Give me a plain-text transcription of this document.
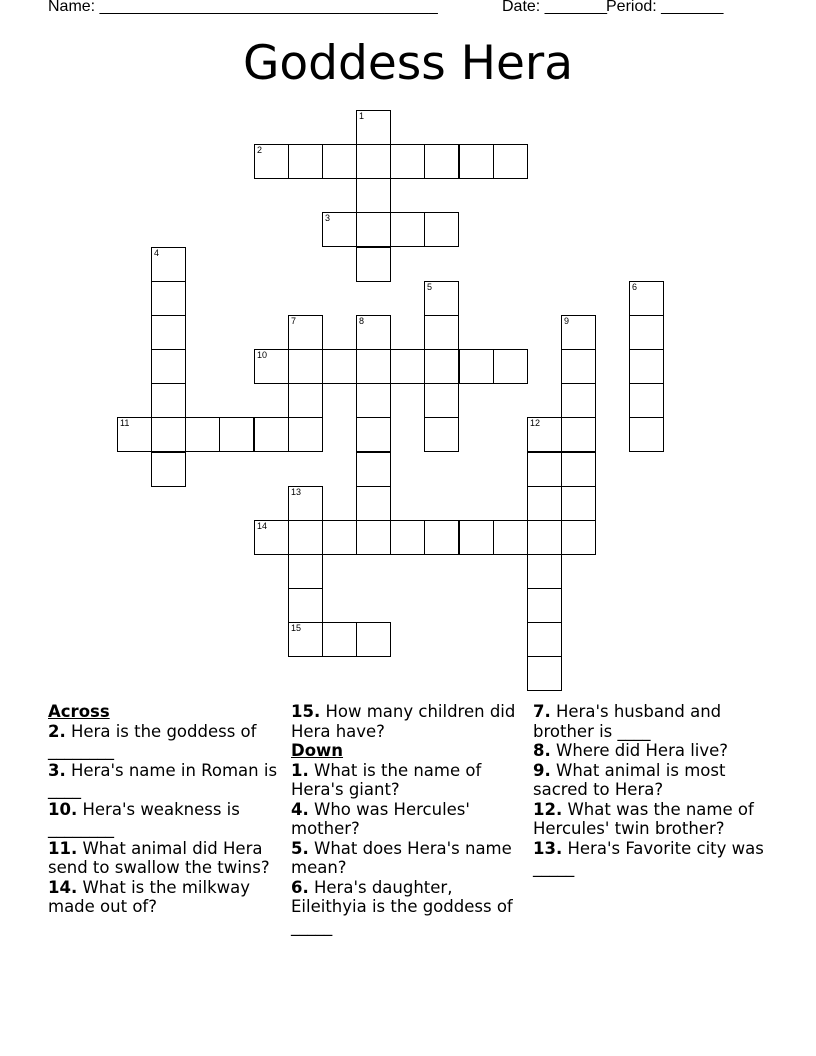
Name: ______________________________________	Date: _______ Period: _______
Goddess Hera
1
2
3
4
5	6
7	8	9
10
11	12
13
15
14
Across

2. Hera is the goddess of ________

3. Hera's name in Roman is ____

10. Hera's weakness is ________

11. What animal did Hera send to swallow the twins?

14. What is the milkway made out of?

15. How many children did Hera have?

Down

1. What is the name of Hera's giant?

4. Who was Hercules' mother?

5. What does Hera's name mean?

6. Hera's daughter, Eileithyia is the goddess of _____

7. Hera's husband and brother is ____

8. Where did Hera live?

9. What animal is most sacred to Hera?

12. What was the name of Hercules' twin brother?

13. Hera's Favorite city was _____
